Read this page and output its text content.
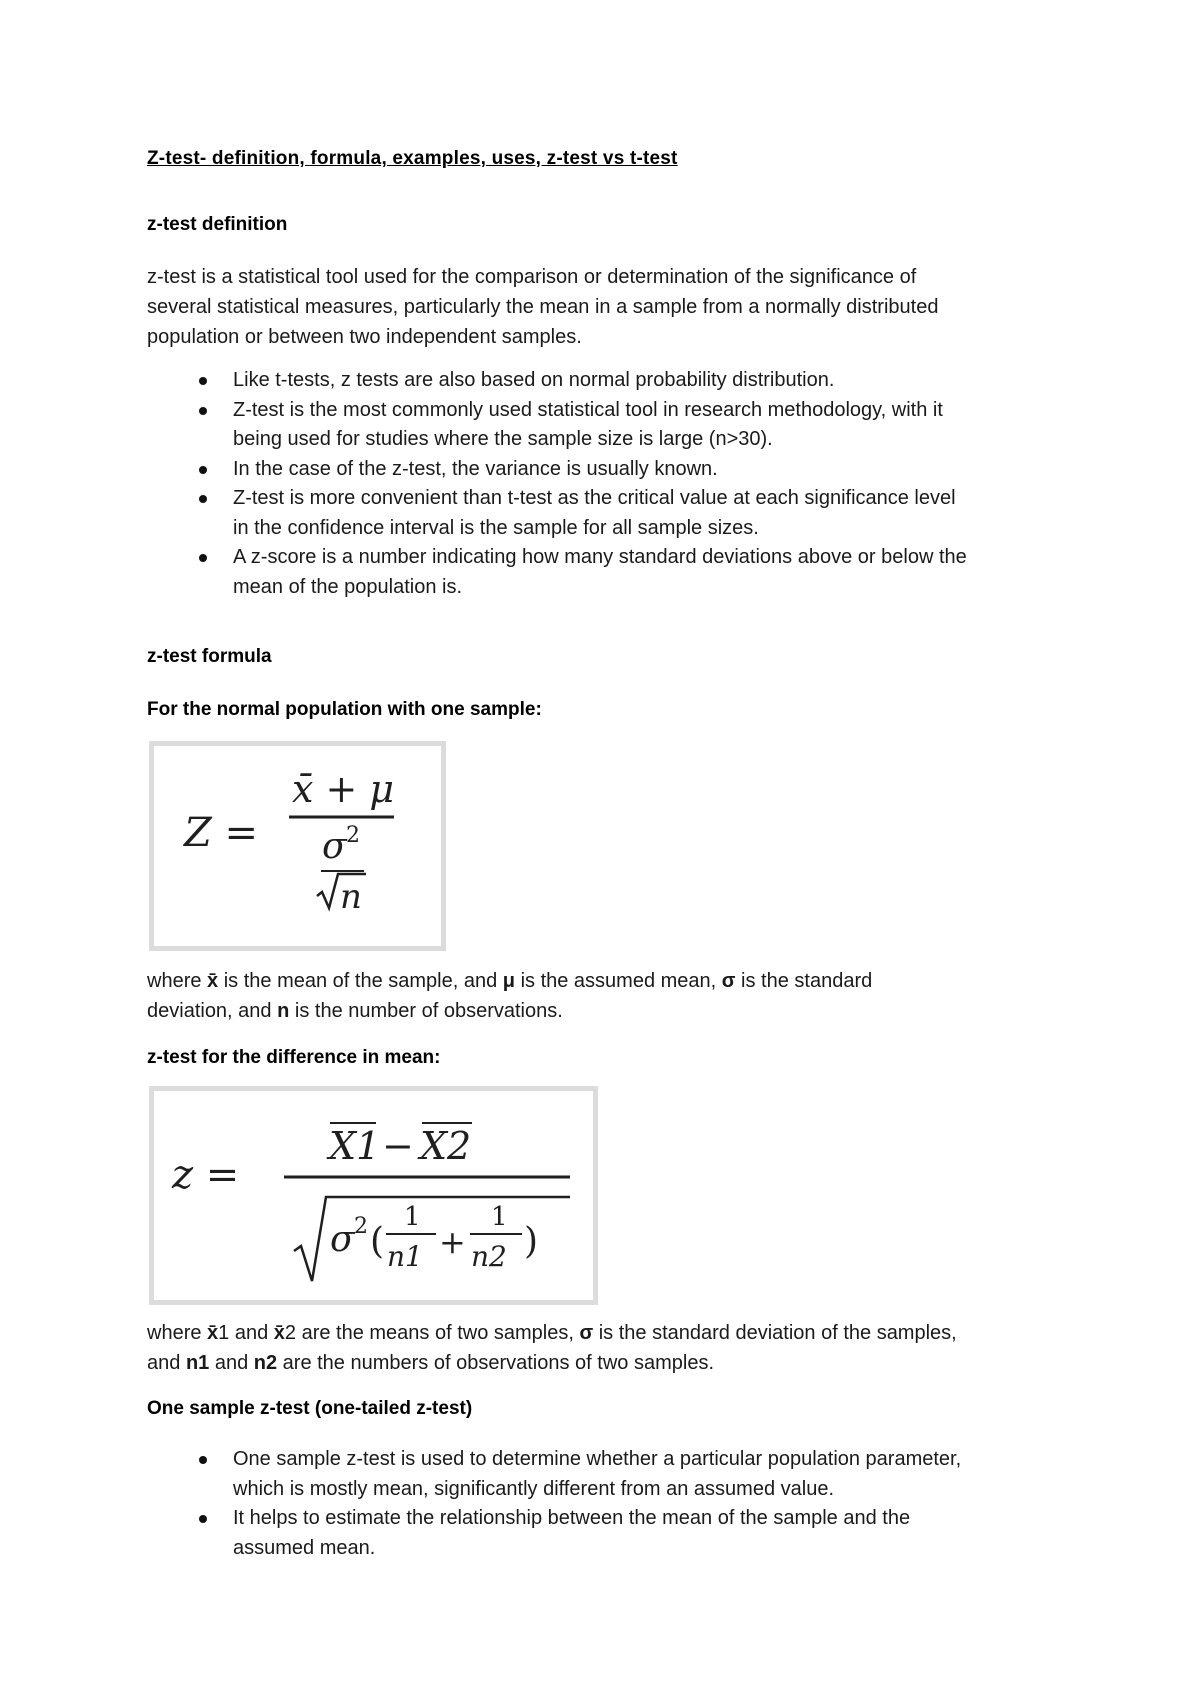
Z-test- definition, formula, examples, uses, z-test vs t-test
z-test definition
z-test is a statistical tool used for the comparison or determination of the significance of
several statistical measures, particularly the mean in a sample from a normally distributed
population or between two independent samples.
Like t-tests, z tests are also based on normal probability distribution.
Z-test is the most commonly used statistical tool in research methodology, with it
being used for studies where the sample size is large (n>30).
In the case of the z-test, the variance is usually known.
Z-test is more convenient than t-test as the critical value at each significance level
in the confidence interval is the sample for all sample sizes.
A z-score is a number indicating how many standard deviations above or below the
mean of the population is.
z-test formula
For the normal population with one sample:
Z =
x̄ + μ
σ 2
n
where x̄ is the mean of the sample, and μ is the assumed mean, σ is the standard
deviation, and n is the number of observations.
z-test for the difference in mean:
z =
X1 − X2
σ 2 (
1
n1 +
1
n2 )
where x̄1 and x̄2 are the means of two samples, σ is the standard deviation of the samples,
and n1 and n2 are the numbers of observations of two samples.
One sample z-test (one-tailed z-test)
One sample z-test is used to determine whether a particular population parameter,
which is mostly mean, significantly different from an assumed value.
It helps to estimate the relationship between the mean of the sample and the
assumed mean.
